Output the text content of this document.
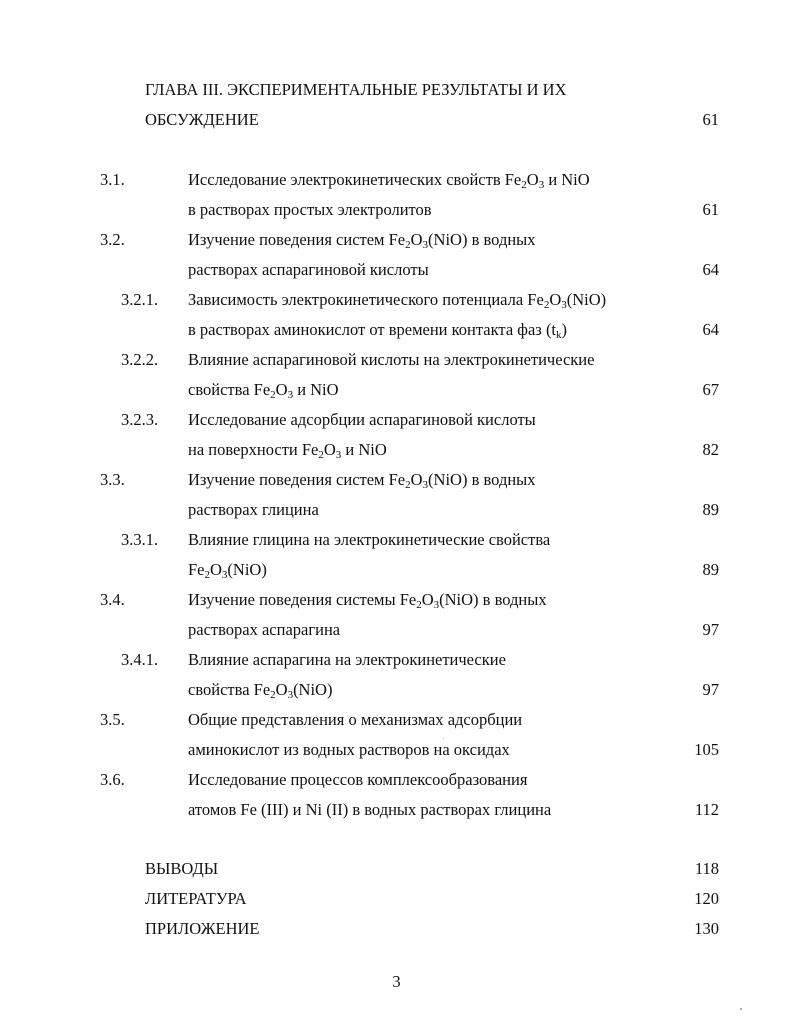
ГЛАВА III. ЭКСПЕРИМЕНТАЛЬНЫЕ РЕЗУЛЬТАТЫ И ИХ
ОБСУЖДЕНИЕ	61
3.1.	Исследование электрокинетических свойств $Fe_2O_3$ и NiO
в растворах простых электролитов	61
3.2.	Изучение поведения систем $Fe_2O_3(NiO)$ в водных
растворах аспарагиновой кислоты	64
3.2.1. Зависимость электрокинетического потенциала $Fe_2O_3(NiO)$
в растворах аминокислот от времени контакта фаз $(t_k)$	64
3.2.2. Влияние аспарагиновой кислоты на электрокинетические
свойства $Fe_2O_3$ и NiO	67
3.2.3. Исследование адсорбции аспарагиновой кислоты
на поверхности $Fe_2O_3$ и NiO	82
3.3.	Изучение поведения систем $Fe_2O_3(NiO)$ в водных
растворах глицина	89
3.3.1. Влияние глицина на электрокинетические свойства
$Fe_2O_3(NiO)$	89
3.4.	Изучение поведения системы $Fe_2O_3(NiO)$ в водных
растворах аспарагина	97
3.4.1. Влияние аспарагина на электрокинетические
свойства $Fe_2O_3(NiO)$	97
3.5.	Общие представления о механизмах адсорбции
аминокислот из водных растворов на оксидах	105
3.6.	Исследование процессов комплексообразования
атомов Fe (III) и Ni (II) в водных растворах глицина	112
ВЫВОДЫ	118
ЛИТЕРАТУРА	120
ПРИЛОЖЕНИЕ	130
3
